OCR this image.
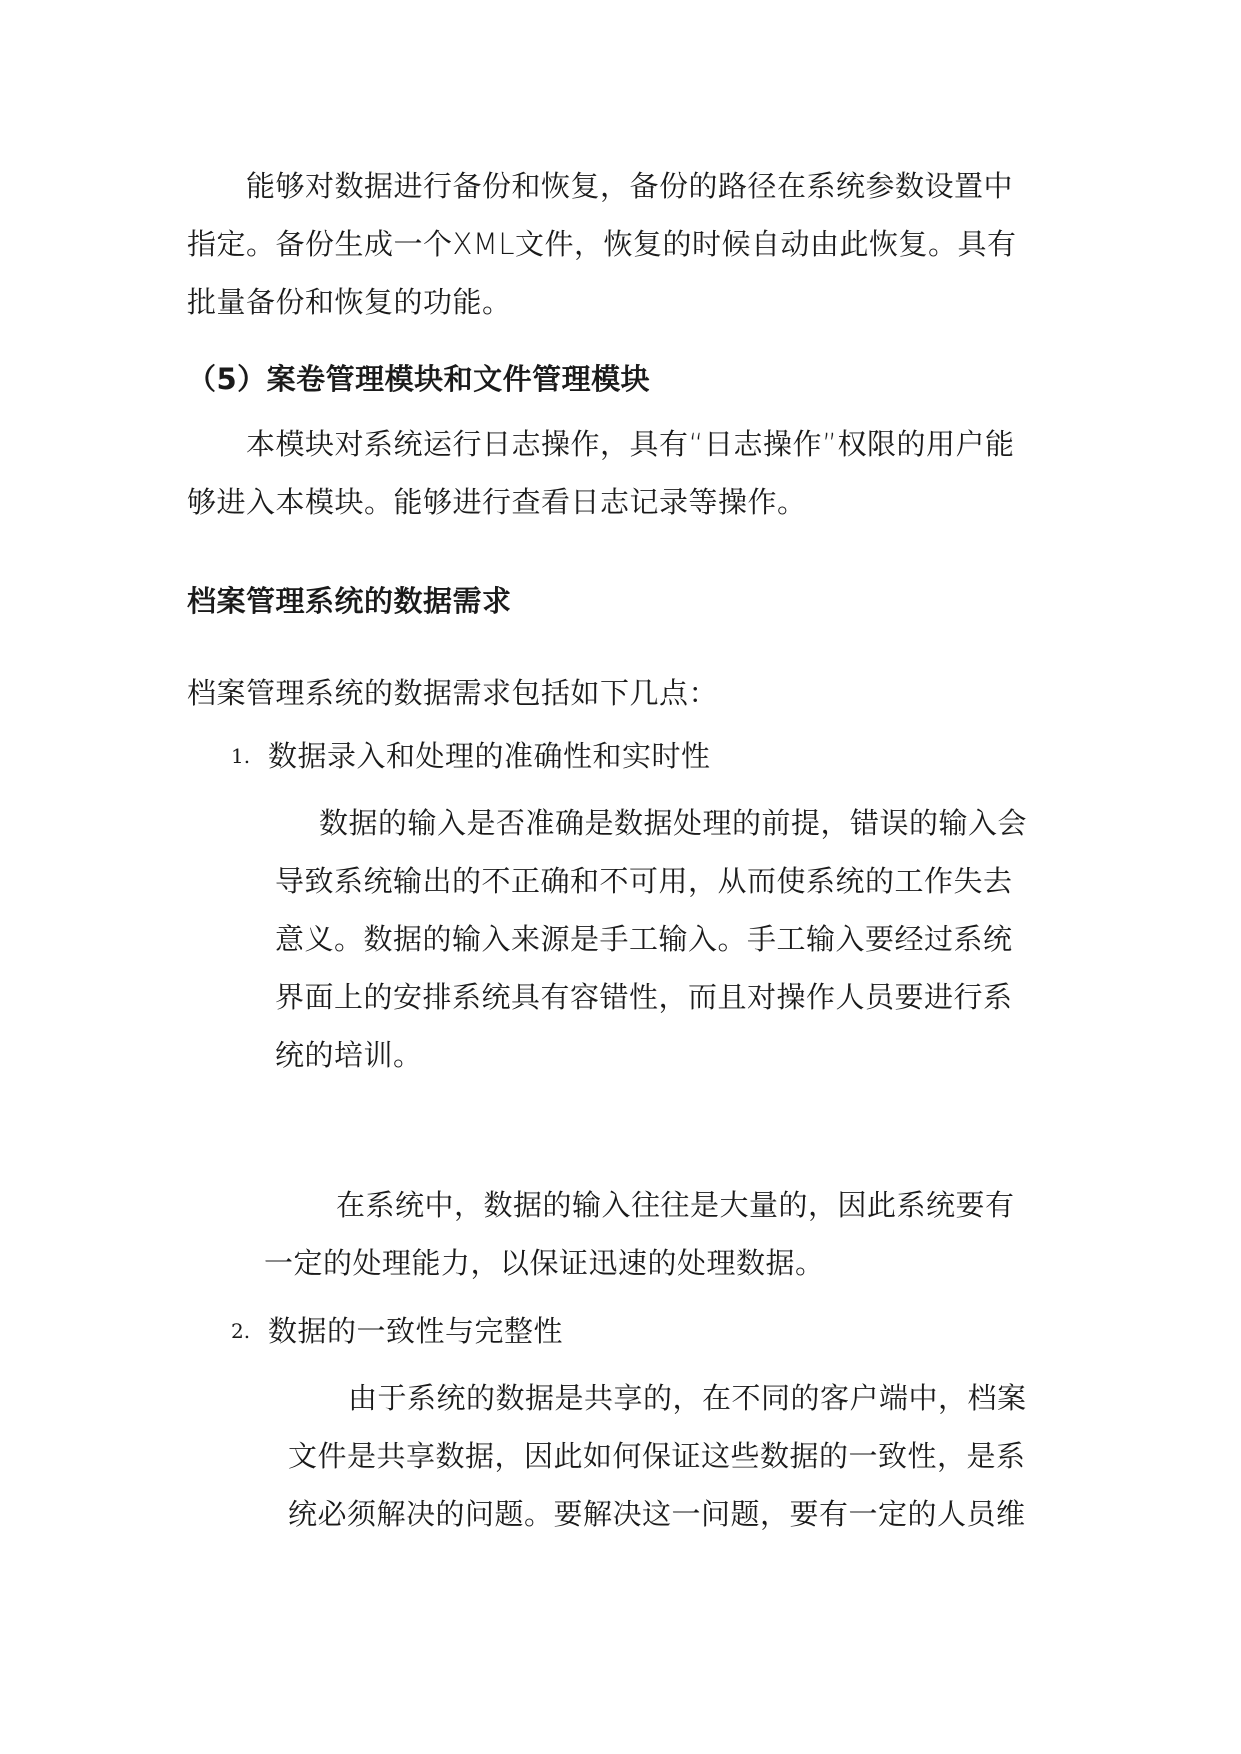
能够对数据进行备份和恢复，备份的路径在系统参数设置中
指定。备份生成一个XML文件，恢复的时候自动由此恢复。具有
批量备份和恢复的功能。
（5）案卷管理模块和文件管理模块
本模块对系统运行日志操作，具有“日志操作”权限的用户能
够进入本模块。能够进行查看日志记录等操作。
档案管理系统的数据需求
档案管理系统的数据需求包括如下几点：
1. 数据录入和处理的准确性和实时性
数据的输入是否准确是数据处理的前提，错误的输入会
导致系统输出的不正确和不可用，从而使系统的工作失去
意义。数据的输入来源是手工输入。手工输入要经过系统
界面上的安排系统具有容错性，而且对操作人员要进行系
统的培训。
在系统中，数据的输入往往是大量的，因此系统要有
一定的处理能力，以保证迅速的处理数据。
2. 数据的一致性与完整性
由于系统的数据是共享的，在不同的客户端中，档案
文件是共享数据，因此如何保证这些数据的一致性，是系
统必须解决的问题。要解决这一问题，要有一定的人员维
